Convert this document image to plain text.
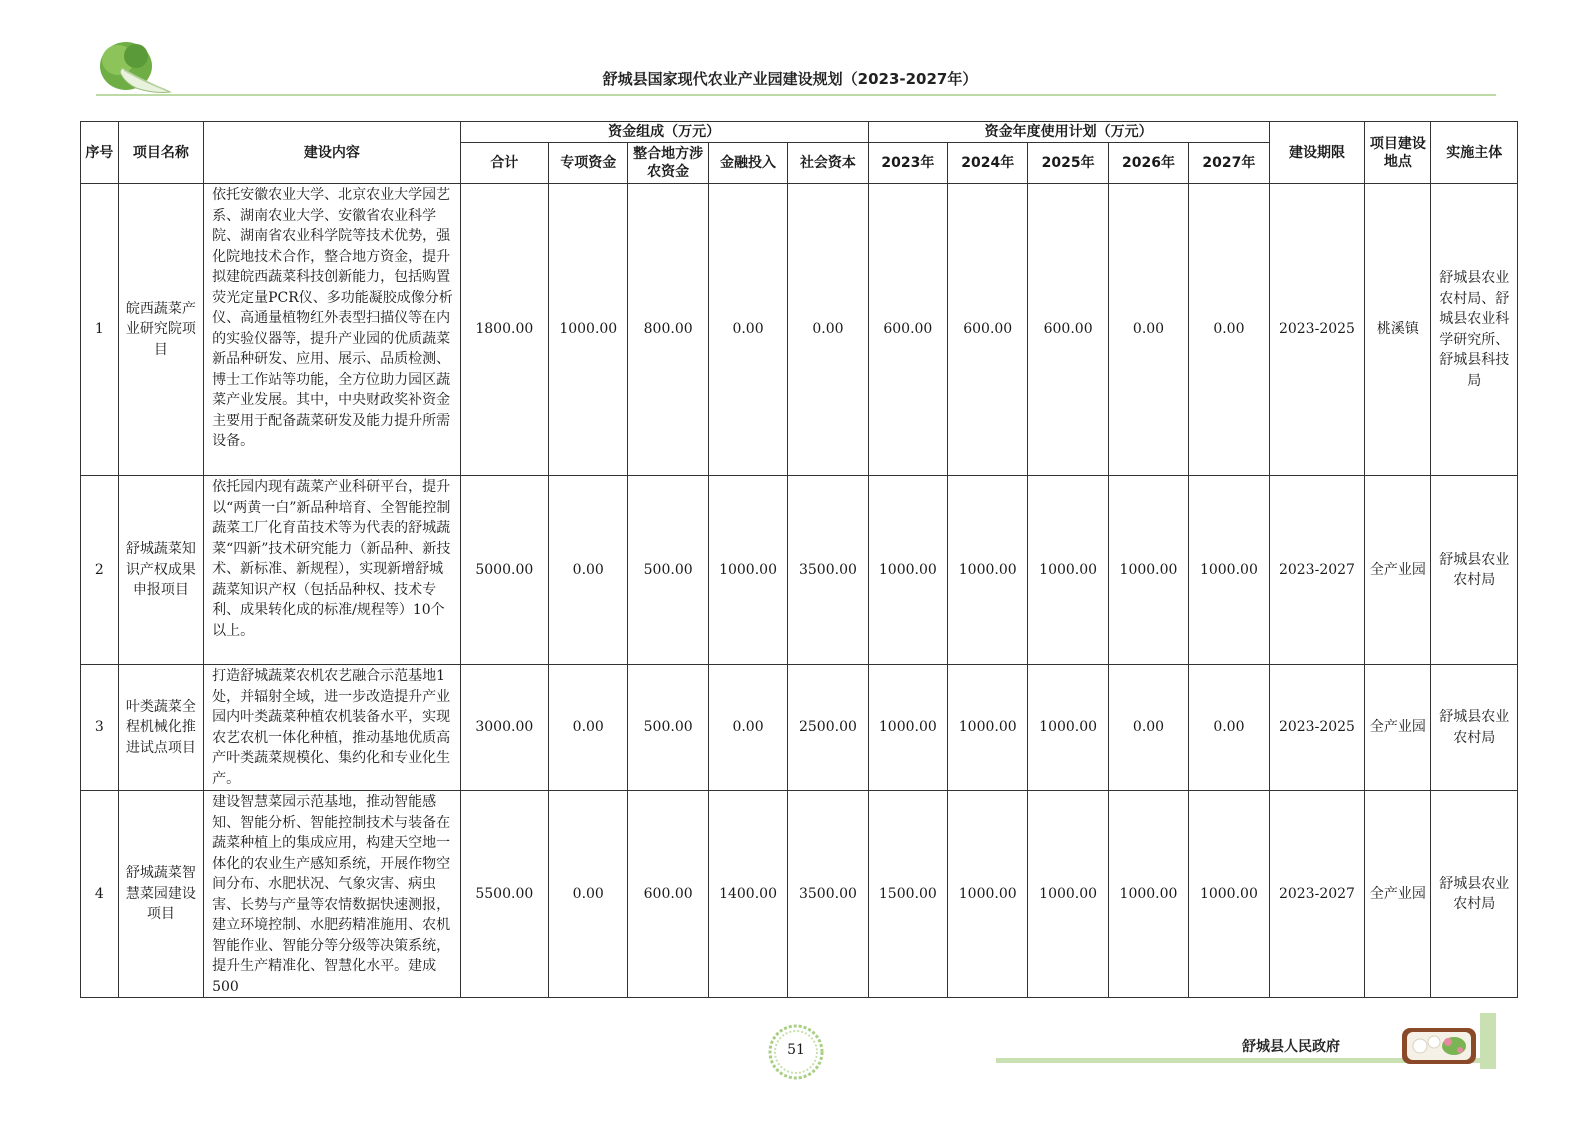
舒城县国家现代农业产业园建设规划（2023-2027年）
序号	项目名称	建设内容	资金组成（万元）					资金年度使用计划（万元）					建设期限	项目建设地点	实施主体
			合计	专项资金	整合地方涉农资金	金融投入	社会资本	2023年	2024年	2025年	2026年	2027年			
1	皖西蔬菜产业研究院项目	依托安徽农业大学、北京农业大学园艺系、湖南农业大学、安徽省农业科学院、湖南省农业科学院等技术优势，强化院地技术合作，整合地方资金，提升拟建皖西蔬菜科技创新能力，包括购置荧光定量PCR仪、多功能凝胶成像分析仪、高通量植物红外表型扫描仪等在内的实验仪器等，提升产业园的优质蔬菜新品种研发、应用、展示、品质检测、博士工作站等功能，全方位助力园区蔬菜产业发展。其中，中央财政奖补资金主要用于配备蔬菜研发及能力提升所需设备。	1800.00	1000.00	800.00	0.00	0.00	600.00	600.00	600.00	0.00	0.00	2023-2025	桃溪镇	舒城县农业农村局、舒城县农业科学研究所、舒城县科技局
2	舒城蔬菜知识产权成果申报项目	依托园内现有蔬菜产业科研平台，提升以“两黄一白”新品种培育、全智能控制蔬菜工厂化育苗技术等为代表的舒城蔬菜“四新”技术研究能力（新品种、新技术、新标准、新规程），实现新增舒城蔬菜知识产权（包括品种权、技术专利、成果转化成的标准/规程等）10个以上。	5000.00	0.00	500.00	1000.00	3500.00	1000.00	1000.00	1000.00	1000.00	1000.00	2023-2027	全产业园	舒城县农业农村局
3	叶类蔬菜全程机械化推进试点项目	打造舒城蔬菜农机农艺融合示范基地1处，并辐射全域，进一步改造提升产业园内叶类蔬菜种植农机装备水平，实现农艺农机一体化种植，推动基地优质高产叶类蔬菜规模化、集约化和专业化生产。	3000.00	0.00	500.00	0.00	2500.00	1000.00	1000.00	1000.00	0.00	0.00	2023-2025	全产业园	舒城县农业农村局
4	舒城蔬菜智慧菜园建设项目	建设智慧菜园示范基地，推动智能感知、智能分析、智能控制技术与装备在蔬菜种植上的集成应用，构建天空地一体化的农业生产感知系统，开展作物空间分布、水肥状况、气象灾害、病虫害、长势与产量等农情数据快速测报，建立环境控制、水肥药精准施用、农机智能作业、智能分等分级等决策系统，提升生产精准化、智慧化水平。建成500	5500.00	0.00	600.00	1400.00	3500.00	1500.00	1000.00	1000.00	1000.00	1000.00	2023-2027	全产业园	舒城县农业农村局
51	舒城县人民政府
